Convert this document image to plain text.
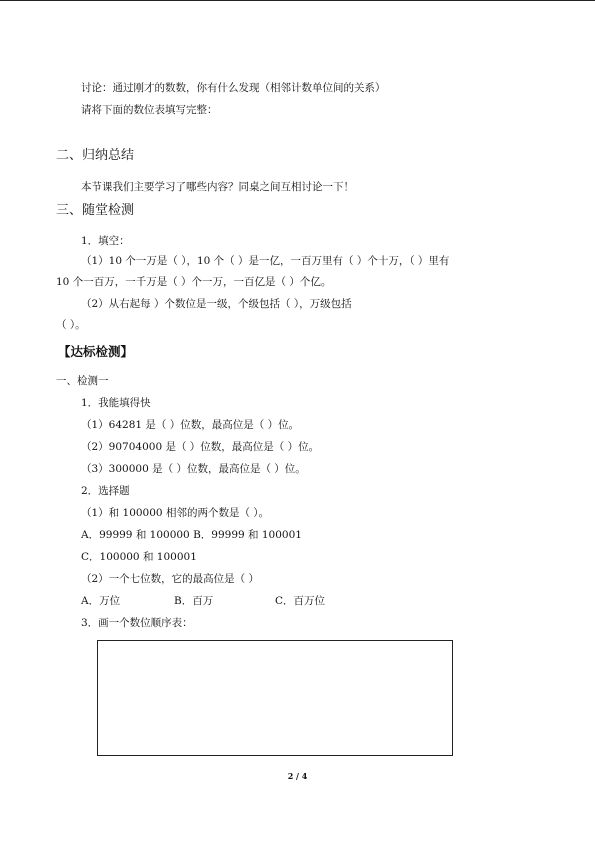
讨论：通过刚才的数数，你有什么发现（相邻计数单位间的关系）
请将下面的数位表填写完整：
二、归纳总结
本节课我们主要学习了哪些内容？同桌之间互相讨论一下！
三、随堂检测
1．填空：
（1）10 个一万是（ ），10 个（ ）是一亿，一百万里有（ ）个十万，（ ）里有
10 个一百万，一千万是（ ）个一万，一百亿是（ ）个亿。
（2）从右起每 ）个数位是一级，个级包括（ ），万级包括
（ ）。
【达标检测】
一、检测一
1．我能填得快
（1）64281 是（ ）位数，最高位是（ ）位。
（2）90704000 是（ ）位数，最高位是（ ）位。
（3）300000 是（ ）位数，最高位是（ ）位。
2．选择题
（1）和 100000 相邻的两个数是（ ）。
A．99999 和 100000 B．99999 和 100001
C．100000 和 100001
（2）一个七位数，它的最高位是（ ）
A．万位	B．百万	C．百万位
3．画一个数位顺序表：
2 / 4
